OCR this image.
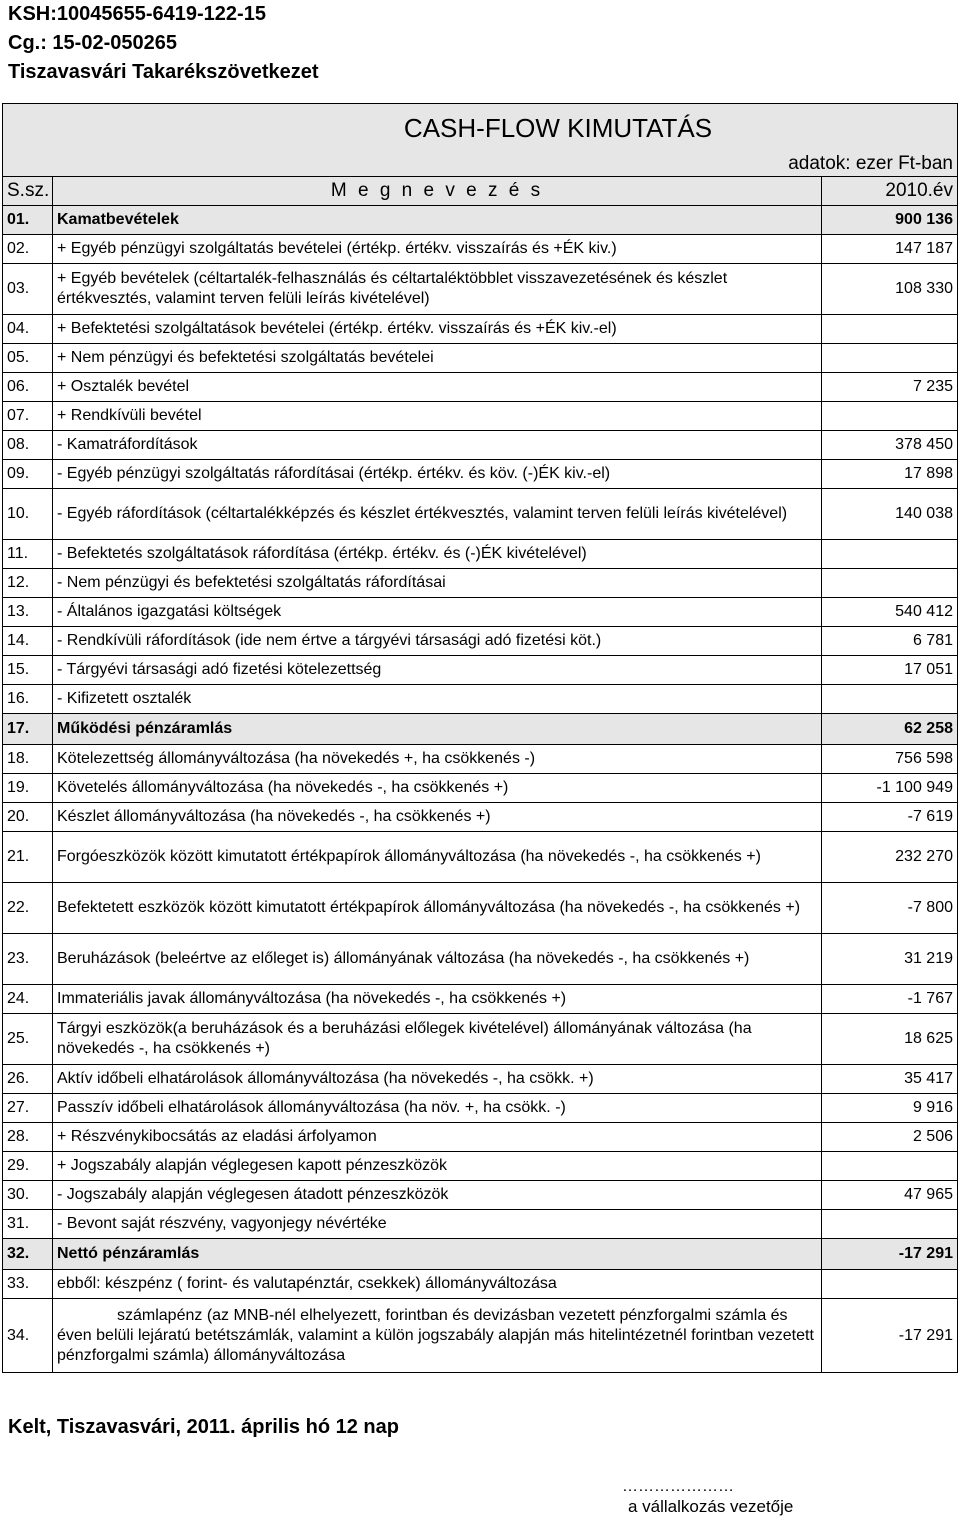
KSH:10045655-6419-122-15
Cg.: 15-02-050265
Tiszavasvári Takarékszövetkezet
CASH-FLOW KIMUTATÁS		
adatok: ezer Ft-ban		
S.sz.	M e g n e v e z é s	2010.év
01.	Kamatbevételek	900 136
02.	+ Egyéb pénzügyi szolgáltatás bevételei (értékp. értékv. visszaírás és +ÉK kiv.)	147 187
03.	+ Egyéb bevételek (céltartalék-felhasználás és céltartaléktöbblet visszavezetésének és készlet értékvesztés, valamint terven felüli leírás kivételével)	108 330
04.	+ Befektetési szolgáltatások bevételei (értékp. értékv. visszaírás és +ÉK kiv.-el)	
05.	+ Nem pénzügyi és befektetési szolgáltatás bevételei	
06.	+ Osztalék bevétel	7 235
07.	+ Rendkívüli bevétel	
08.	- Kamatráfordítások	378 450
09.	- Egyéb pénzügyi szolgáltatás ráfordításai (értékp. értékv. és köv. (-)ÉK kiv.-el)	17 898
10.	- Egyéb ráfordítások (céltartalékképzés és készlet értékvesztés, valamint terven felüli leírás kivételével)	140 038
11.	- Befektetés szolgáltatások ráfordítása (értékp. értékv. és (-)ÉK kivételével)	
12.	- Nem pénzügyi és befektetési szolgáltatás ráfordításai	
13.	- Általános igazgatási költségek	540 412
14.	- Rendkívüli ráfordítások (ide nem értve a tárgyévi társasági adó fizetési köt.)	6 781
15.	- Tárgyévi társasági adó fizetési kötelezettség	17 051
16.	- Kifizetett osztalék	
17.	Működési pénzáramlás	62 258
18.	Kötelezettség állományváltozása (ha növekedés +, ha csökkenés -)	756 598
19.	Követelés állományváltozása (ha növekedés -, ha csökkenés +)	-1 100 949
20.	Készlet állományváltozása (ha növekedés -, ha csökkenés +)	-7 619
21.	Forgóeszközök között kimutatott értékpapírok állományváltozása (ha növekedés -, ha csökkenés +)	232 270
22.	Befektetett eszközök között kimutatott értékpapírok állományváltozása (ha növekedés -, ha csökkenés +)	-7 800
23.	Beruházások (beleértve az előleget is) állományának változása (ha növekedés -, ha csökkenés +)	31 219
24.	Immateriális javak állományváltozása (ha növekedés -, ha csökkenés +)	-1 767
25.	Tárgyi eszközök(a beruházások és a beruházási előlegek kivételével) állományának változása (ha növekedés -, ha csökkenés +)	18 625
26.	Aktív időbeli elhatárolások állományváltozása (ha növekedés -, ha csökk. +)	35 417
27.	Passzív időbeli elhatárolások állományváltozása (ha növ. +, ha csökk. -)	9 916
28.	+ Részvénykibocsátás az eladási árfolyamon	2 506
29.	+ Jogszabály alapján véglegesen kapott pénzeszközök	
30.	- Jogszabály alapján véglegesen átadott pénzeszközök	47 965
31.	- Bevont saját részvény, vagyonjegy névértéke	
32.	Nettó pénzáramlás	-17 291
33.	ebből: készpénz ( forint- és valutapénztár, csekkek) állományváltozása	
34.	számlapénz (az MNB-nél elhelyezett, forintban és devizásban vezetett pénzforgalmi számla és éven belüli lejáratú betétszámlák, valamint a külön jogszabály alapján más hitelintézetnél forintban vezetett pénzforgalmi számla) állományváltozása	-17 291
Kelt, Tiszavasvári, 2011. április hó 12 nap
…………………
a vállalkozás vezetője
